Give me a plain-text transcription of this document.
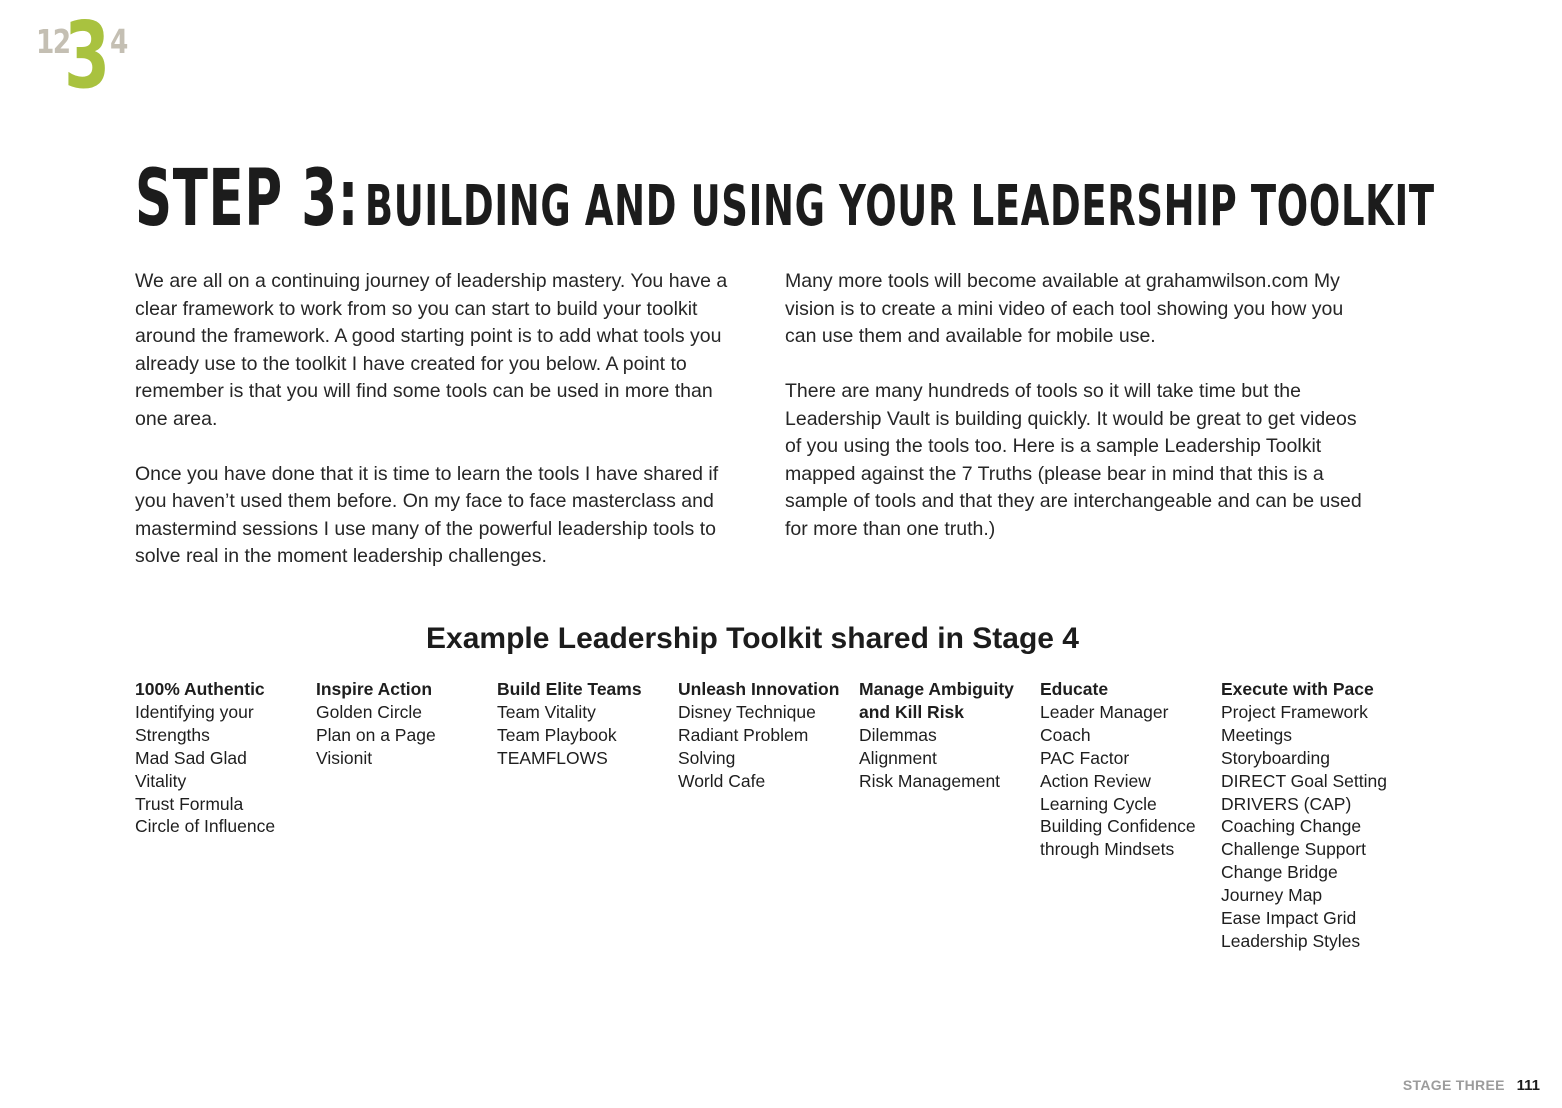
12
3 4
STEP 3: BUILDING AND USING YOUR LEADERSHIP TOOLKIT

We are all on a continuing journey of leadership mastery. You have a clear framework to work from so you can start to build your toolkit around the framework. A good starting point is to add what tools you already use to the toolkit I have created for you below. A point to remember is that you will find some tools can be used in more than one area.

Once you have done that it is time to learn the tools I have shared if you haven’t used them before. On my face to face masterclass and mastermind sessions I use many of the powerful leadership tools to solve real in the moment leadership challenges.

Many more tools will become available at grahamwilson.com My vision is to create a mini video of each tool showing you how you can use them and available for mobile use.

There are many hundreds of tools so it will take time but the Leadership Vault is building quickly. It would be great to get videos of you using the tools too. Here is a sample Leadership Toolkit mapped against the 7 Truths (please bear in mind that this is a sample of tools and that they are interchangeable and can be used for more than one truth.)

Example Leadership Toolkit shared in Stage 4
100% Authentic
Identifying your Strengths
Mad Sad Glad
Vitality
Trust Formula
Circle of Influence
Inspire Action
Golden Circle
Plan on a Page
Visionit
Build Elite Teams
Team Vitality
Team Playbook
TEAMFLOWS
Unleash Innovation
Disney Technique
Radiant Problem Solving
World Cafe
Manage Ambiguity and Kill Risk
Dilemmas
Alignment
Risk Management
Educate
Leader Manager Coach
PAC Factor
Action Review
Learning Cycle
Building Confidence through Mindsets
Execute with Pace
Project Framework
Meetings
Storyboarding
DIRECT Goal Setting
DRIVERS (CAP)
Coaching Change
Challenge Support
Change Bridge
Journey Map
Ease Impact Grid
Leadership Styles
STAGE THREE 111
